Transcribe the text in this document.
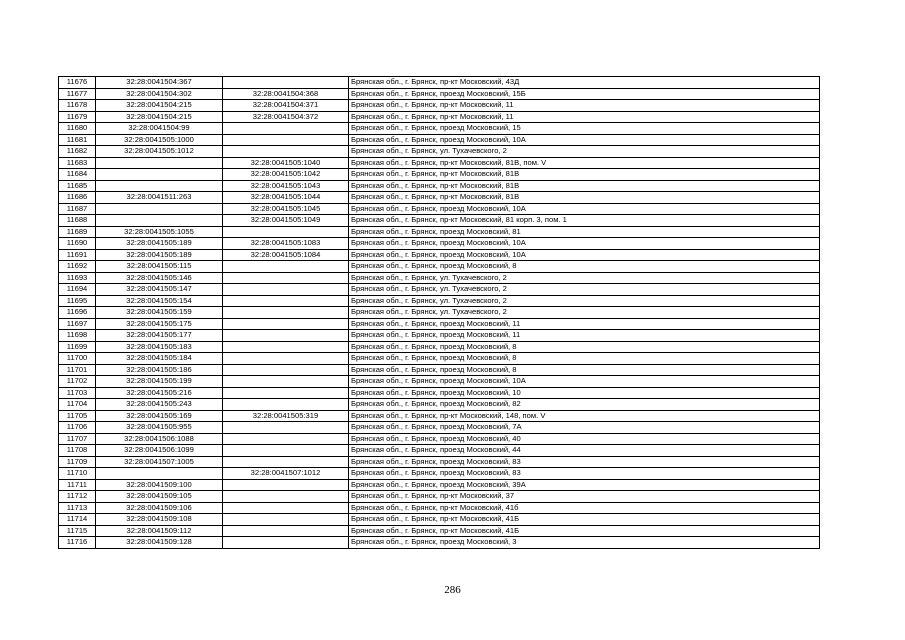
11676	32:28:0041504:367		Брянская обл., г. Брянск, пр-кт Московский, 43Д
11677	32:28:0041504:302	32:28:0041504:368	Брянская обл., г. Брянск, проезд Московский, 15Б
11678	32:28:0041504:215	32:28:0041504:371	Брянская обл., г. Брянск, пр-кт Московский, 11
11679	32:28:0041504:215	32:28:0041504:372	Брянская обл., г. Брянск, пр-кт Московский, 11
11680	32:28:0041504:99		Брянская обл., г. Брянск, проезд Московский, 15
11681	32:28:0041505:1000		Брянская обл., г. Брянск, проезд Московский, 10А
11682	32:28:0041505:1012		Брянская обл., г. Брянск, ул. Тухачевского, 2
11683		32:28:0041505:1040	Брянская обл., г. Брянск, пр-кт Московский, 81В, пом. V
11684		32:28:0041505:1042	Брянская обл., г. Брянск, пр-кт Московский, 81В
11685		32:28:0041505:1043	Брянская обл., г. Брянск, пр-кт Московский, 81В
11686	32:28:0041511:263	32:28:0041505:1044	Брянская обл., г. Брянск, пр-кт Московский, 81В
11687		32:28:0041505:1045	Брянская обл., г. Брянск, проезд Московский, 10А
11688		32:28:0041505:1049	Брянская обл., г. Брянск, пр-кт Московский, 81 корп. 3, пом. 1
11689	32:28:0041505:1055		Брянская обл., г. Брянск, проезд Московский, 81
11690	32:28:0041505:189	32:28:0041505:1083	Брянская обл., г. Брянск, проезд Московский, 10А
11691	32:28:0041505:189	32:28:0041505:1084	Брянская обл., г. Брянск, проезд Московский, 10А
11692	32:28:0041505:115		Брянская обл., г. Брянск, проезд Московский, 8
11693	32:28:0041505:146		Брянская обл., г. Брянск, ул. Тухачевского, 2
11694	32:28:0041505:147		Брянская обл., г. Брянск, ул. Тухачевского, 2
11695	32:28:0041505:154		Брянская обл., г. Брянск, ул. Тухачевского, 2
11696	32:28:0041505:159		Брянская обл., г. Брянск, ул. Тухачевского, 2
11697	32:28:0041505:175		Брянская обл., г. Брянск, проезд Московский, 11
11698	32:28:0041505:177		Брянская обл., г. Брянск, проезд Московский, 11
11699	32:28:0041505:183		Брянская обл., г. Брянск, проезд Московский, 8
11700	32:28:0041505:184		Брянская обл., г. Брянск, проезд Московский, 8
11701	32:28:0041505:186		Брянская обл., г. Брянск, проезд Московский, 8
11702	32:28:0041505:199		Брянская обл., г. Брянск, проезд Московский, 10А
11703	32:28:0041505:216		Брянская обл., г. Брянск, проезд Московский, 10
11704	32:28:0041505:243		Брянская обл., г. Брянск, проезд Московский, 82
11705	32:28:0041505:169	32:28:0041505:319	Брянская обл., г. Брянск, пр-кт Московский, 148, пом. V
11706	32:28:0041505:955		Брянская обл., г. Брянск, проезд Московский, 7А
11707	32:28:0041506:1088		Брянская обл., г. Брянск, проезд Московский, 40
11708	32:28:0041506:1099		Брянская обл., г. Брянск, проезд Московский, 44
11709	32:28:0041507:1005		Брянская обл., г. Брянск, проезд Московский, 83
11710		32:28:0041507:1012	Брянская обл., г. Брянск, проезд Московский, 83
11711	32:28:0041509:100		Брянская обл., г. Брянск, проезд Московский, 39А
11712	32:28:0041509:105		Брянская обл., г. Брянск, пр-кт Московский, 37
11713	32:28:0041509:106		Брянская обл., г. Брянск, пр-кт Московский, 41б
11714	32:28:0041509:108		Брянская обл., г. Брянск, пр-кт Московский, 41Б
11715	32:28:0041509:112		Брянская обл., г. Брянск, пр-кт Московский, 41Б
11716	32:28:0041509:128		Брянская обл., г. Брянск, проезд Московский, 3
286
